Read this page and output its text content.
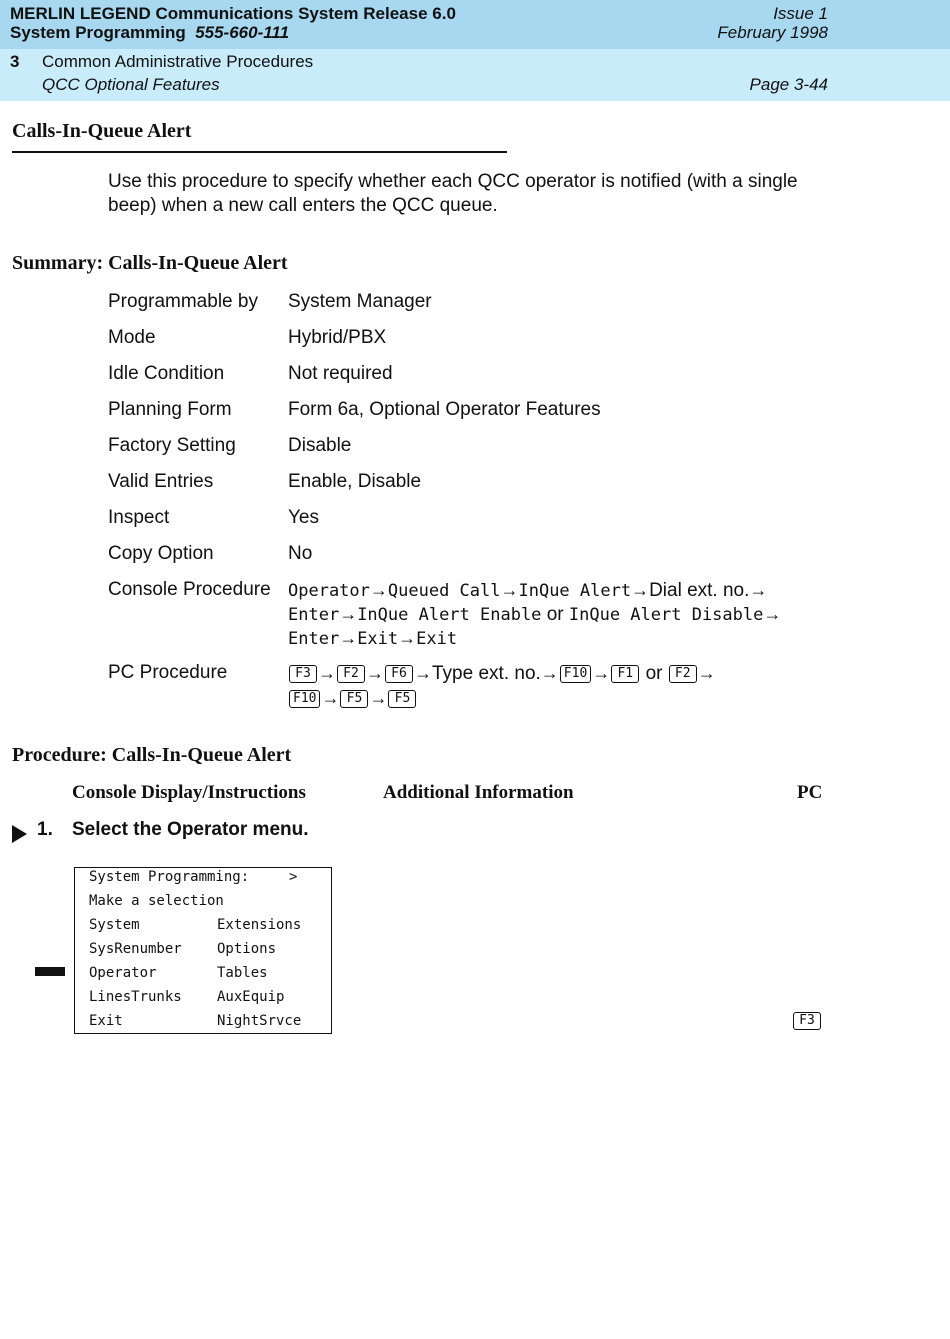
MERLIN LEGEND Communications System Release 6.0
System Programming 555-660-111
Issue 1
February 1998
3 Common Administrative Procedures
QCC Optional Features	Page 3-44
Calls-In-Queue Alert
Use this procedure to specify whether each QCC operator is notified (with a single
beep) when a new call enters the QCC queue.
Summary: Calls-In-Queue Alert
Programmable by System Manager
Mode	Hybrid/PBX
Idle Condition	Not required
Planning Form	Form 6a, Optional Operator Features
Factory Setting	Disable
Valid Entries	Enable, Disable
Inspect	Yes
Copy Option	No
Console Procedure Operator→Queued Call→InQue Alert→Dial ext. no.→
Enter→InQue Alert Enable or InQue Alert Disable→
Enter→Exit→Exit
PC Procedure	F3 → F2 → F6 →Type ext. no.→ F10 → F1 or F2 →
F10 → F5 → F5
Procedure: Calls-In-Queue Alert
Console Display/Instructions	Additional Information	PC
1. Select the Operator menu.
System Programming:	>
Make a selection
System	Extensions
SysRenumber	Options
Operator	Tables
LinesTrunks	AuxEquip
Exit	NightSrvce	F3
